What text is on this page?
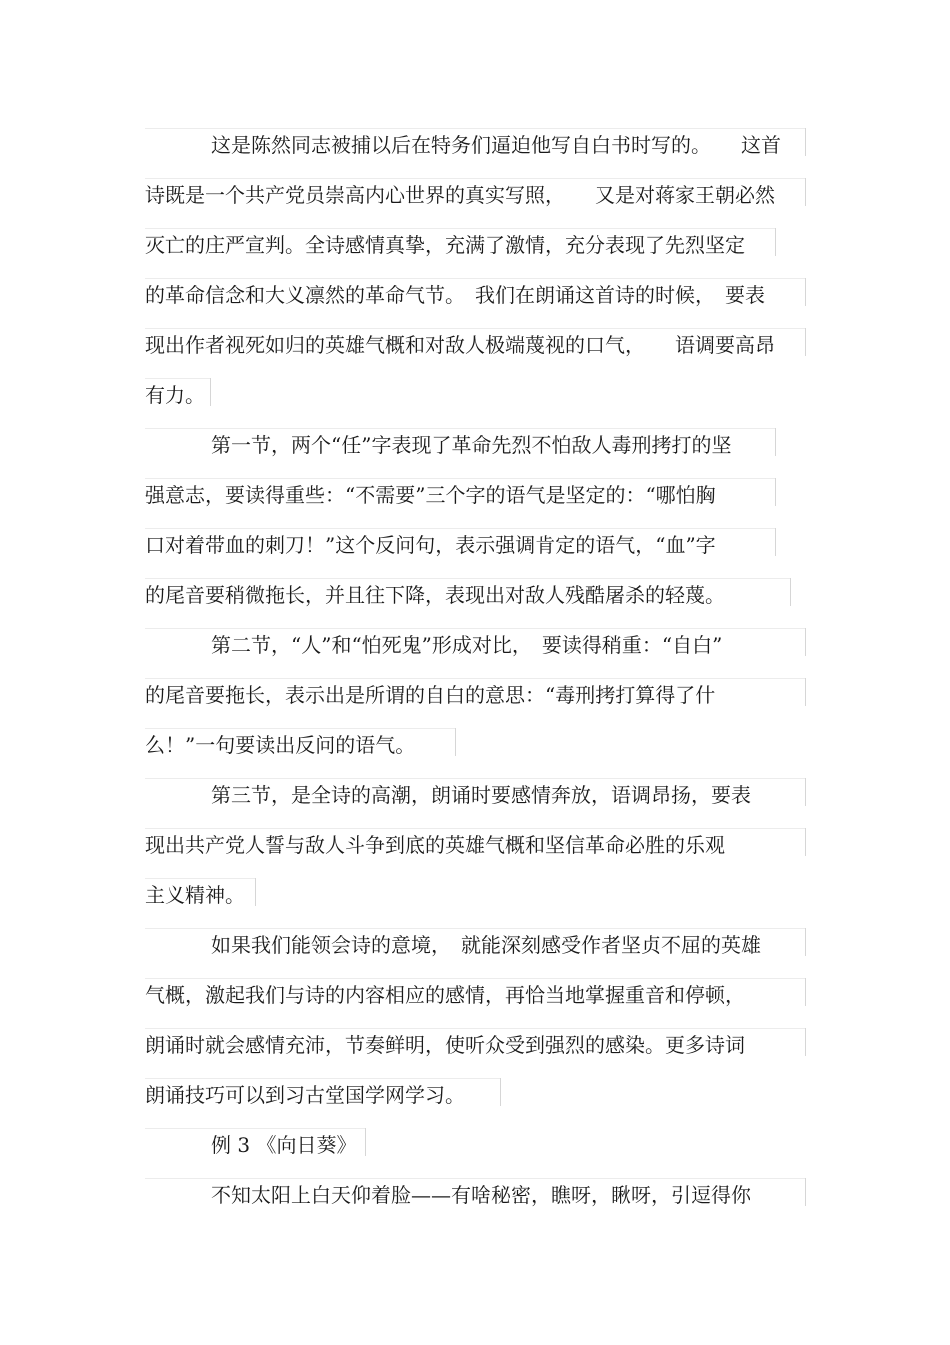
这是陈然同志被捕以后在特务们逼迫他写自白书时写的。　　这首
诗既是一个共产党员崇高内心世界的真实写照，　　又是对蒋家王朝必然
灭亡的庄严宣判。全诗感情真挚，充满了激情，充分表现了先烈坚定
的革命信念和大义凛然的革命气节。　我们在朗诵这首诗的时候，　要表
现出作者视死如归的英雄气概和对敌人极端蔑视的口气，　　语调要高昂
有力。
第一节，两个“任”字表现了革命先烈不怕敌人毒刑拷打的坚
强意志，要读得重些：“不需要”三个字的语气是坚定的：“哪怕胸
口对着带血的刺刀！”这个反问句，表示强调肯定的语气，“血”字
的尾音要稍微拖长，并且往下降，表现出对敌人残酷屠杀的轻蔑。
第二节，“人”和“怕死鬼”形成对比，　要读得稍重：“自白”
的尾音要拖长，表示出是所谓的自白的意思：“毒刑拷打算得了什
么！”一句要读出反问的语气。
第三节，是全诗的高潮，朗诵时要感情奔放，语调昂扬，要表
现出共产党人誓与敌人斗争到底的英雄气概和坚信革命必胜的乐观
主义精神。
如果我们能领会诗的意境，　就能深刻感受作者坚贞不屈的英雄
气概，激起我们与诗的内容相应的感情，再恰当地掌握重音和停顿，
朗诵时就会感情充沛，节奏鲜明，使听众受到强烈的感染。更多诗词
朗诵技巧可以到习古堂国学网学习。
例 3 《向日葵》
不知太阳上白天仰着脸——有啥秘密，瞧呀，瞅呀，引逗得你
